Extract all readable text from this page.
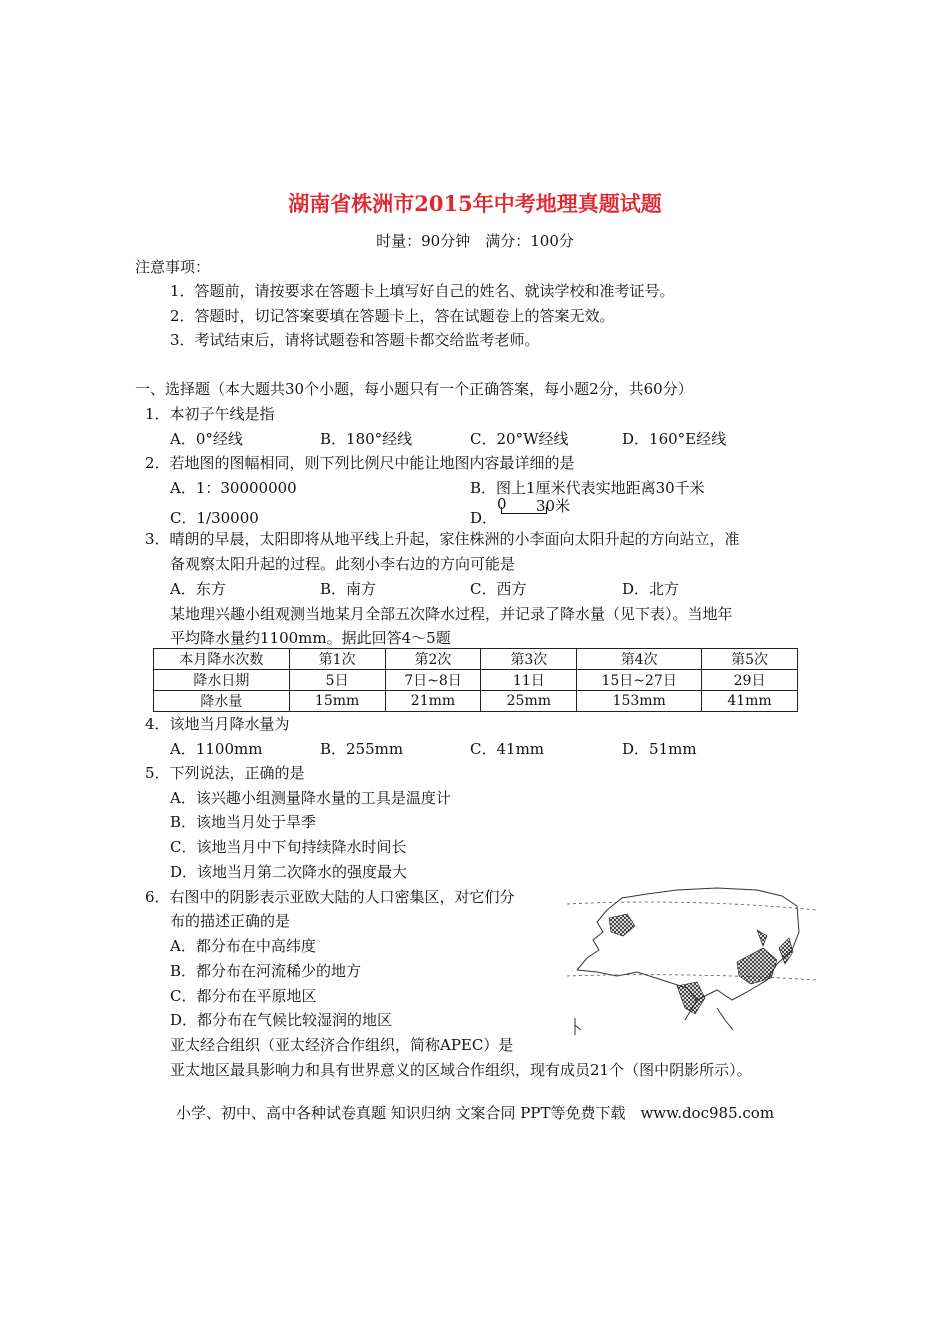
湖南省株洲市2015年中考地理真题试题
时量：90分钟　满分：100分
注意事项：
1．答题前，请按要求在答题卡上填写好自己的姓名、就读学校和准考证号。
2．答题时，切记答案要填在答题卡上，答在试题卷上的答案无效。
3．考试结束后，请将试题卷和答题卡都交给监考老师。
一、选择题（本大题共30个小题，每小题只有一个正确答案，每小题2分，共60分）
1．本初子午线是指
A．0°经线	B．180°经线	C．20°W经线	D．160°E经线
2．若地图的图幅相同，则下列比例尺中能让地图内容最详细的是
A．1：30000000	B．图上1厘米代表实地距离30千米
C．1/30000	D．
0 30米
3．晴朗的早晨，太阳即将从地平线上升起，家住株洲的小李面向太阳升起的方向站立，准
备观察太阳升起的过程。此刻小李右边的方向可能是
A．东方	B．南方	C．西方	D．北方
某地理兴趣小组观测当地某月全部五次降水过程，并记录了降水量（见下表）。当地年
平均降水量约1100mm。据此回答4～5题
本月降水次数	第1次	第2次	第3次	第4次	第5次
降水日期	5日	7日~8日	11日	15日~27日	29日
降水量	15mm	21mm	25mm	153mm	41mm
4．该地当月降水量为
A．1100mm	B．255mm	C．41mm	D．51mm
5．下列说法，正确的是
A．该兴趣小组测量降水量的工具是温度计
B．该地当月处于旱季
C．该地当月中下旬持续降水时间长
D．该地当月第二次降水的强度最大
6．右图中的阴影表示亚欧大陆的人口密集区，对它们分
布的描述正确的是
A．都分布在中高纬度
B．都分布在河流稀少的地方
C．都分布在平原地区
D．都分布在气候比较湿润的地区
亚太经合组织（亚太经济合作组织，简称APEC）是
亚太地区最具影响力和具有世界意义的区域合作组织，现有成员21个（图中阴影所示）。
小学、初中、高中各种试卷真题 知识归纳 文案合同 PPT等免费下载　www.doc985.com
